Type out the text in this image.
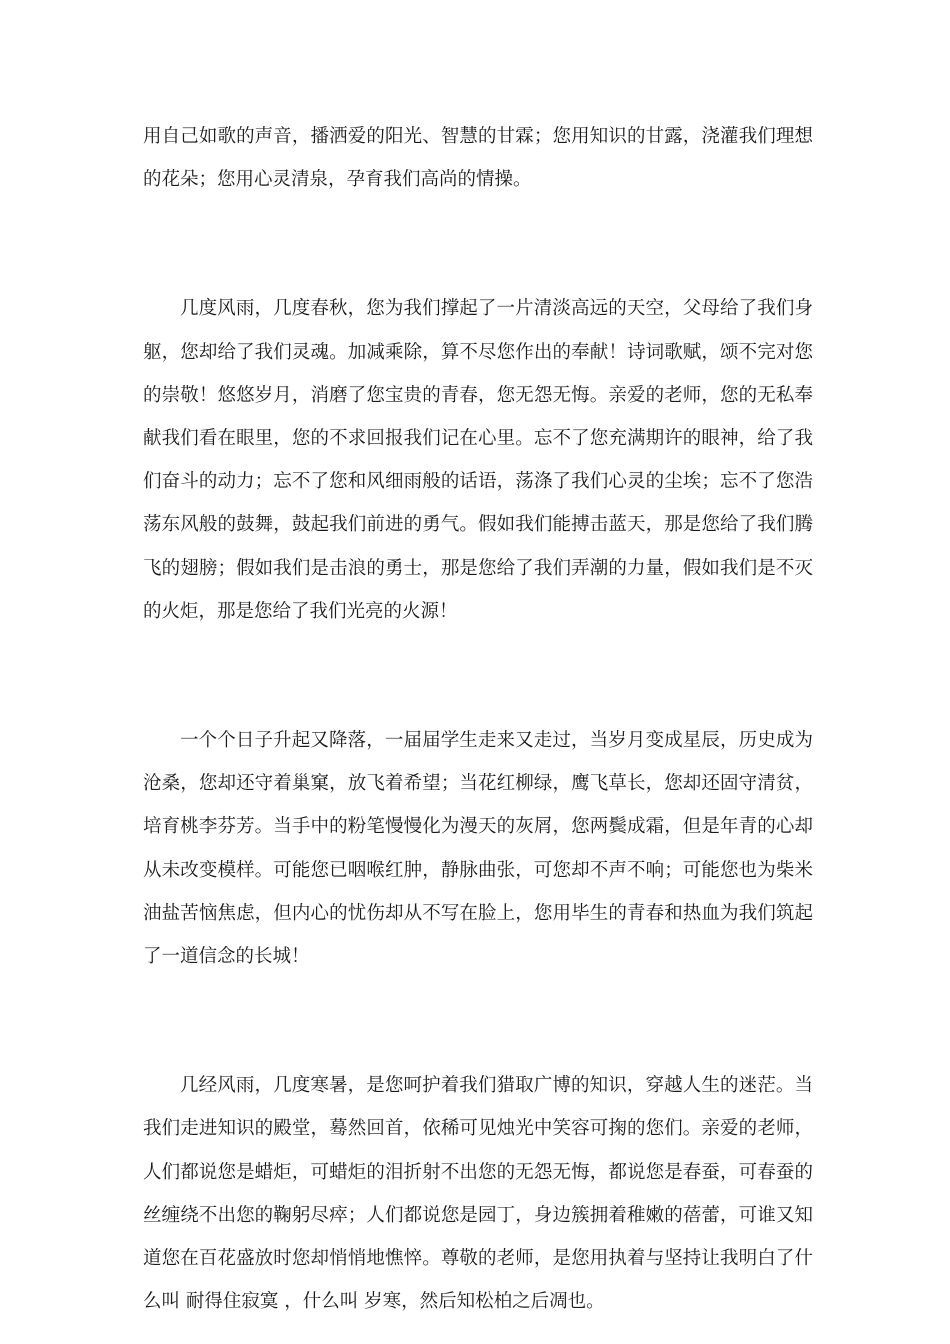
用自己如歌的声音，播洒爱的阳光、智慧的甘霖；您用知识的甘露，浇灌我们理想的花朵；您用心灵清泉，孕育我们高尚的情操。

几度风雨，几度春秋，您为我们撑起了一片清淡高远的天空，父母给了我们身躯，您却给了我们灵魂。加减乘除，算不尽您作出的奉献！诗词歌赋，颂不完对您的崇敬！悠悠岁月，消磨了您宝贵的青春，您无怨无悔。亲爱的老师，您的无私奉献我们看在眼里，您的不求回报我们记在心里。忘不了您充满期许的眼神，给了我们奋斗的动力；忘不了您和风细雨般的话语，荡涤了我们心灵的尘埃；忘不了您浩荡东风般的鼓舞，鼓起我们前进的勇气。假如我们能搏击蓝天，那是您给了我们腾飞的翅膀；假如我们是击浪的勇士，那是您给了我们弄潮的力量，假如我们是不灭的火炬，那是您给了我们光亮的火源！

一个个日子升起又降落，一届届学生走来又走过，当岁月变成星辰，历史成为沧桑，您却还守着巢窠，放飞着希望；当花红柳绿，鹰飞草长，您却还固守清贫，培育桃李芬芳。当手中的粉笔慢慢化为漫天的灰屑，您两鬓成霜，但是年青的心却从未改变模样。可能您已咽喉红肿，静脉曲张，可您却不声不响；可能您也为柴米油盐苦恼焦虑，但内心的忧伤却从不写在脸上，您用毕生的青春和热血为我们筑起了一道信念的长城！

几经风雨，几度寒暑，是您呵护着我们猎取广博的知识，穿越人生的迷茫。当我们走进知识的殿堂，蓦然回首，依稀可见烛光中笑容可掬的您们。亲爱的老师，人们都说您是蜡炬，可蜡炬的泪折射不出您的无怨无悔，都说您是春蚕，可春蚕的丝缠绕不出您的鞠躬尽瘁；人们都说您是园丁，身边簇拥着稚嫩的蓓蕾，可谁又知道您在百花盛放时您却悄悄地憔悴。尊敬的老师，是您用执着与坚持让我明白了什么叫 耐得住寂寞 ，什么叫 岁寒，然后知松柏之后凋也。
